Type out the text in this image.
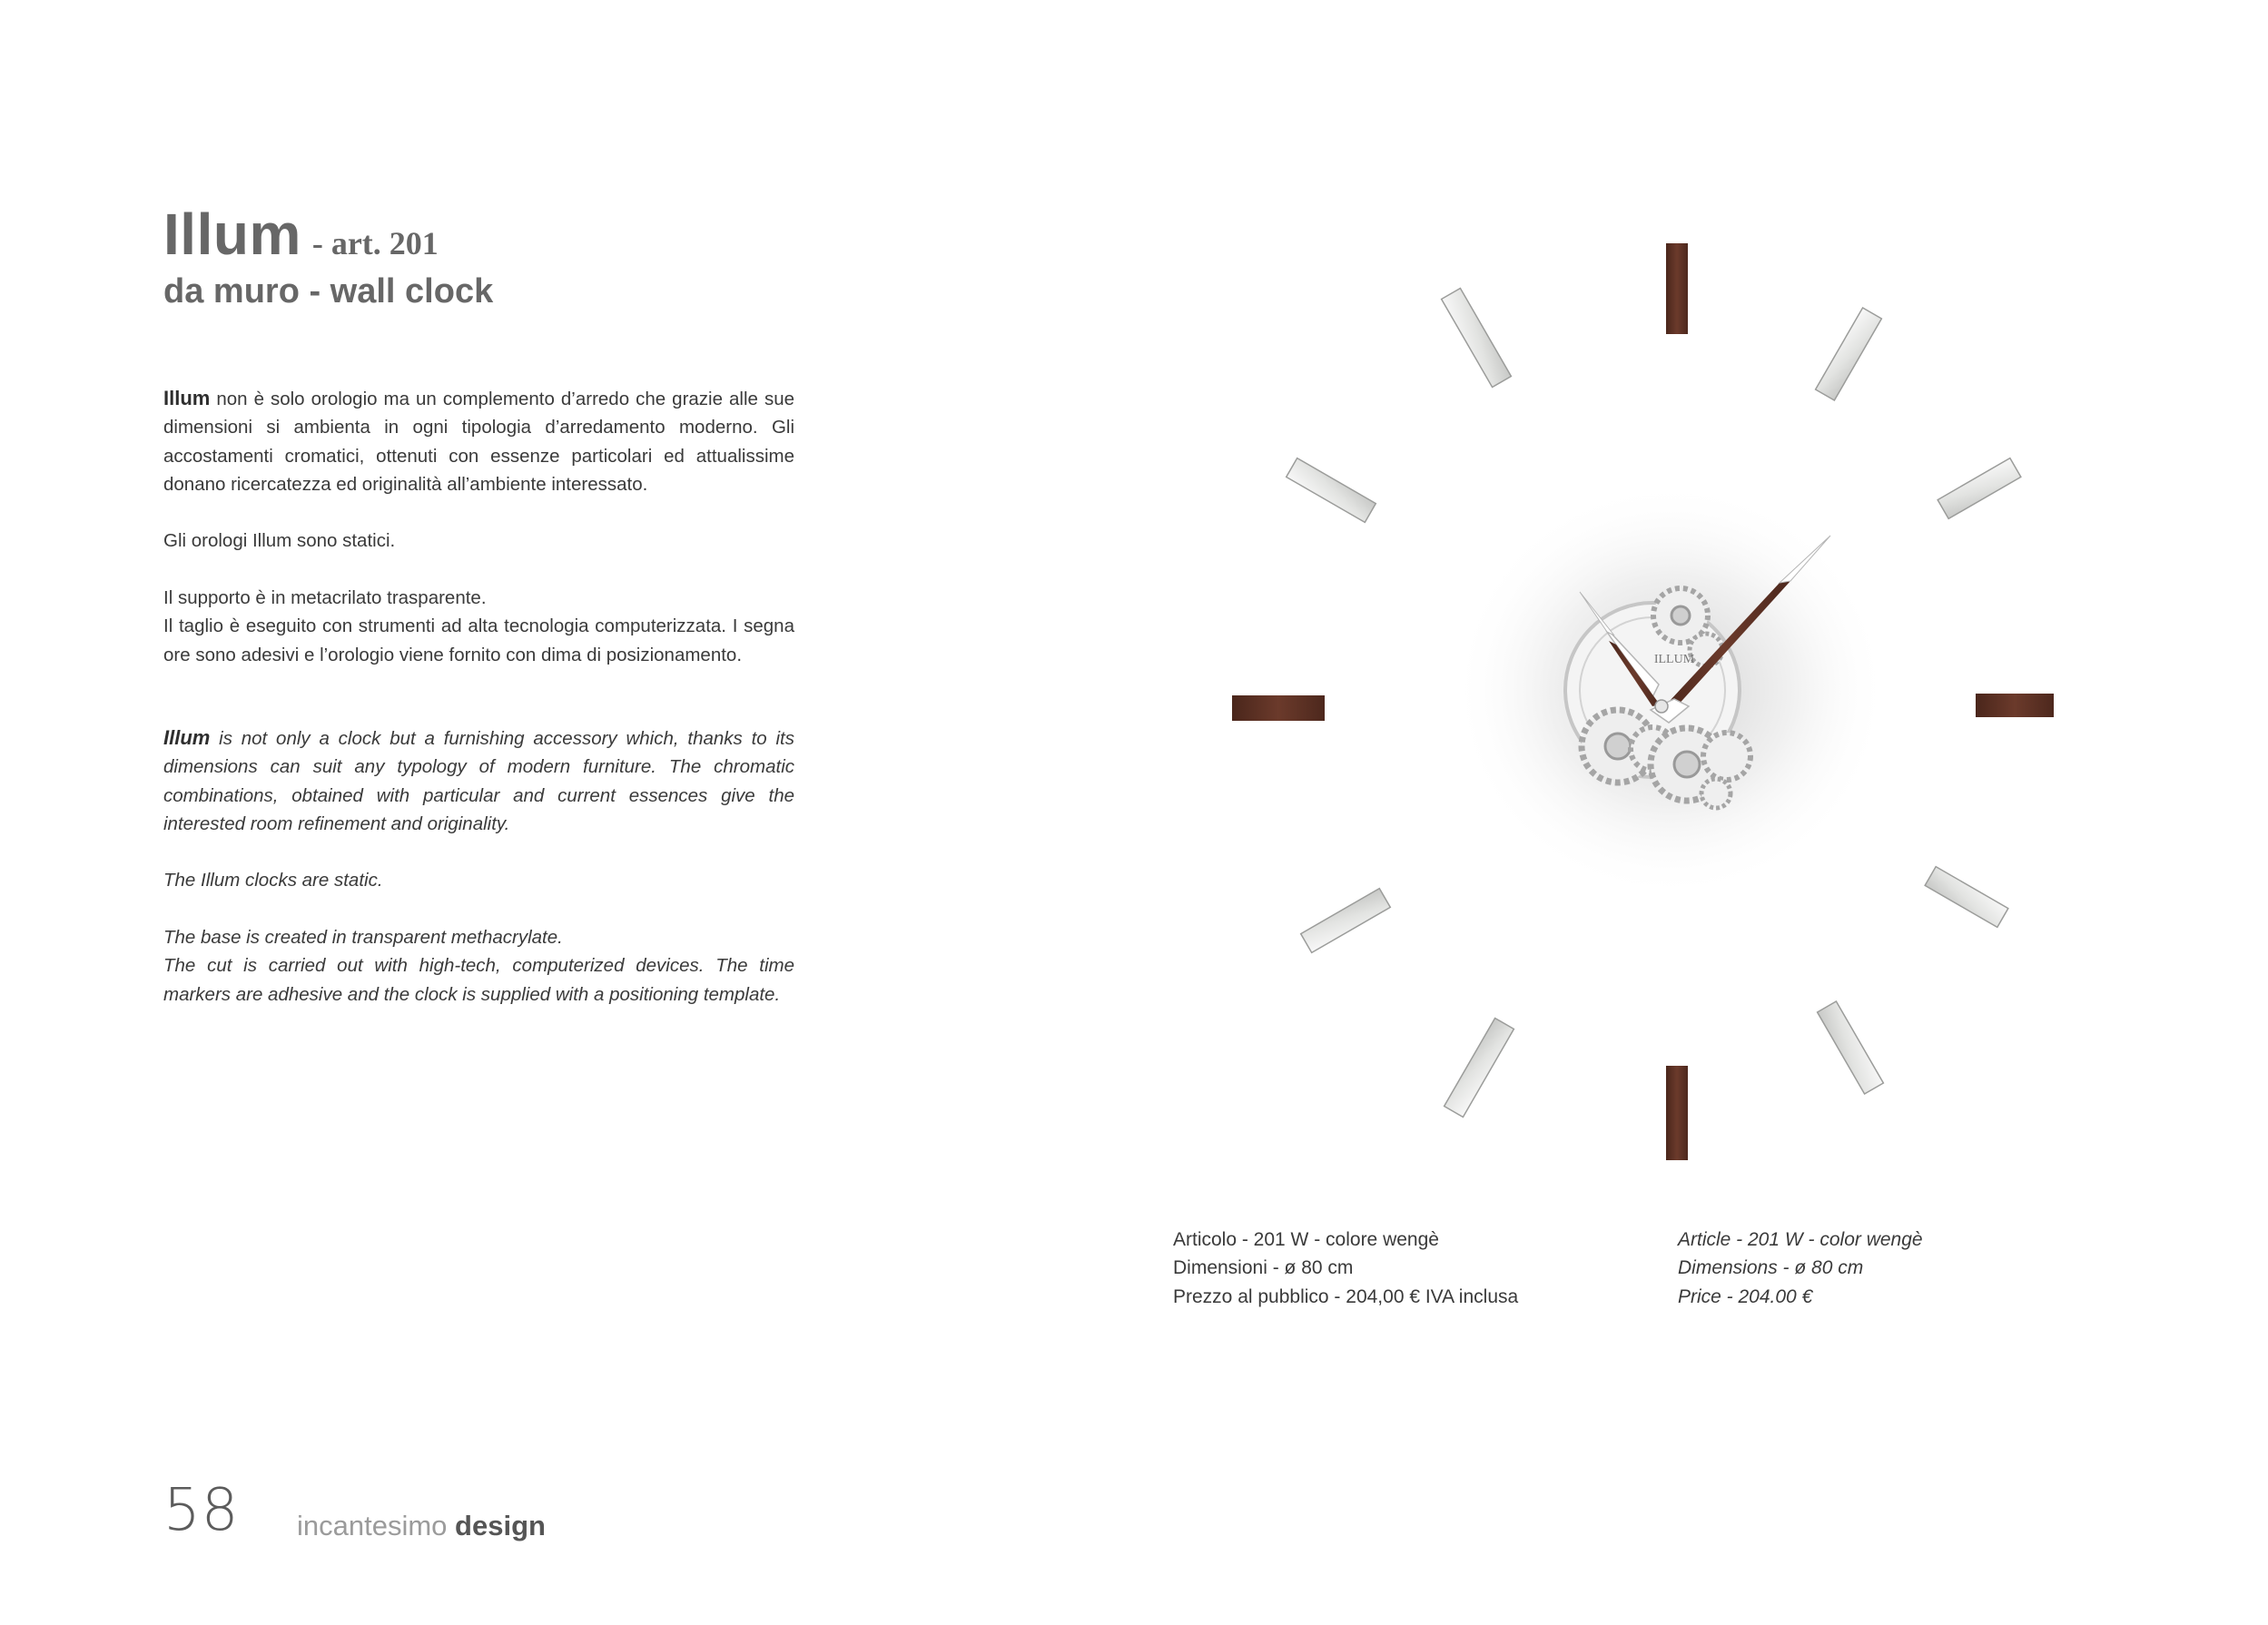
Illum - art. 201
da muro - wall clock

Illum non è solo orologio ma un complemento d’arredo che grazie alle sue dimensioni si ambienta in ogni tipologia d’arredamento moderno. Gli accostamenti cromatici, ottenuti con essenze particolari ed attualissime donano ricercatezza ed originalità all’ambiente interessato.

Gli orologi Illum sono statici.

Il supporto è in metacrilato trasparente.
Il taglio è eseguito con strumenti ad alta tecnologia computerizzata. I segna ore sono adesivi e l’orologio viene fornito con dima di posizionamento.

Illum is not only a clock but a furnishing accessory which, thanks to its dimensions can suit any typology of modern furniture. The chromatic combinations, obtained with particular and current essences give the interested room refinement and originality.

The Illum clocks are static.

The base is created in transparent methacrylate.
The cut is carried out with high-tech, computerized devices. The time markers are adhesive and the clock is supplied with a positioning template.

ILLUM
Articolo - 201 W - colore wengè
Dimensioni - ø 80 cm
Prezzo al pubblico - 204,00 € IVA inclusa
Article - 201 W - color wengè
Dimensions - ø 80 cm
Price - 204.00 €
58 incantesimo design
